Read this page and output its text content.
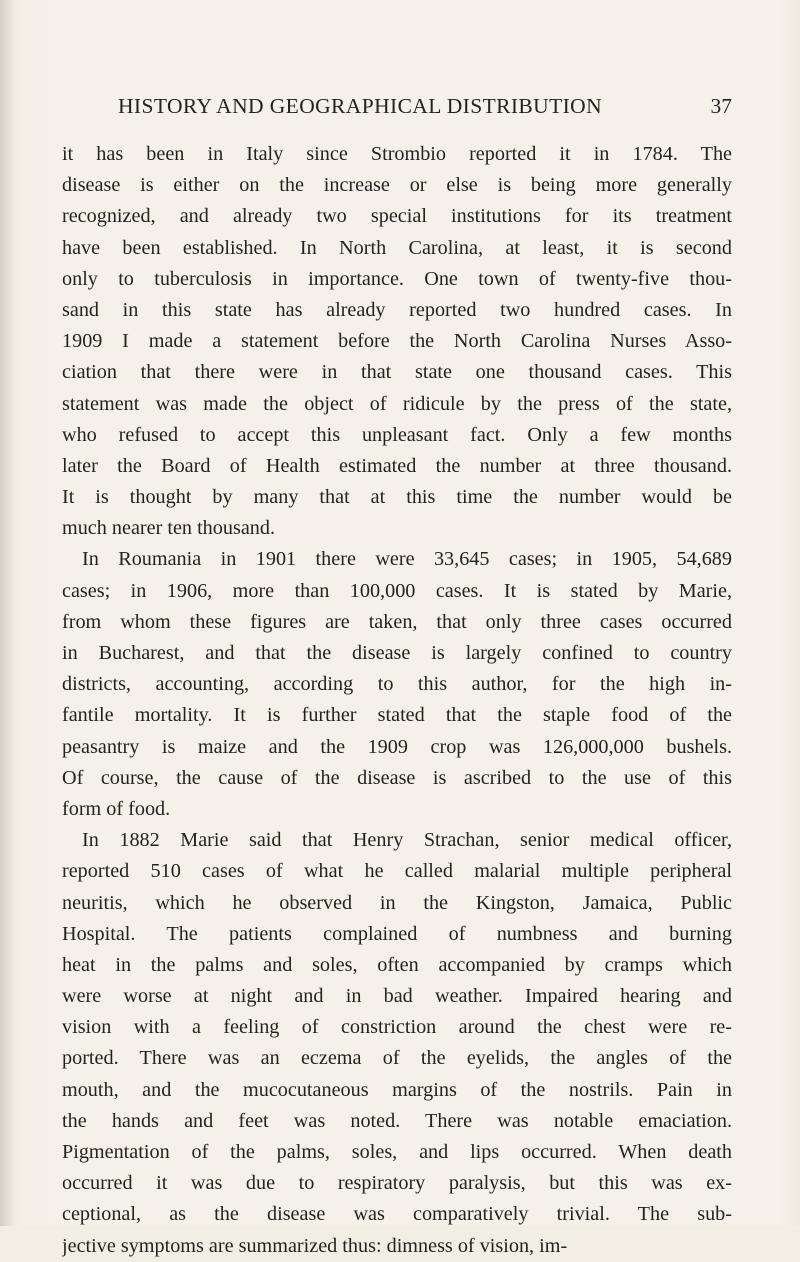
HISTORY AND GEOGRAPHICAL DISTRIBUTION	37
it has been in Italy since Strombio reported it in 1784. The
disease is either on the increase or else is being more generally
recognized, and already two special institutions for its treatment
have been established. In North Carolina, at least, it is second
only to tuberculosis in importance. One town of twenty-five thou-
sand in this state has already reported two hundred cases. In
1909 I made a statement before the North Carolina Nurses Asso-
ciation that there were in that state one thousand cases. This
statement was made the object of ridicule by the press of the state,
who refused to accept this unpleasant fact. Only a few months
later the Board of Health estimated the number at three thousand.
It is thought by many that at this time the number would be
much nearer ten thousand.
In Roumania in 1901 there were 33,645 cases; in 1905, 54,689
cases; in 1906, more than 100,000 cases. It is stated by Marie,
from whom these figures are taken, that only three cases occurred
in Bucharest, and that the disease is largely confined to country
districts, accounting, according to this author, for the high in-
fantile mortality. It is further stated that the staple food of the
peasantry is maize and the 1909 crop was 126,000,000 bushels.
Of course, the cause of the disease is ascribed to the use of this
form of food.
In 1882 Marie said that Henry Strachan, senior medical officer,
reported 510 cases of what he called malarial multiple peripheral
neuritis, which he observed in the Kingston, Jamaica, Public
Hospital. The patients complained of numbness and burning
heat in the palms and soles, often accompanied by cramps which
were worse at night and in bad weather. Impaired hearing and
vision with a feeling of constriction around the chest were re-
ported. There was an eczema of the eyelids, the angles of the
mouth, and the mucocutaneous margins of the nostrils. Pain in
the hands and feet was noted. There was notable emaciation.
Pigmentation of the palms, soles, and lips occurred. When death
occurred it was due to respiratory paralysis, but this was ex-
ceptional, as the disease was comparatively trivial. The sub-
jective symptoms are summarized thus: dimness of vision, im-
